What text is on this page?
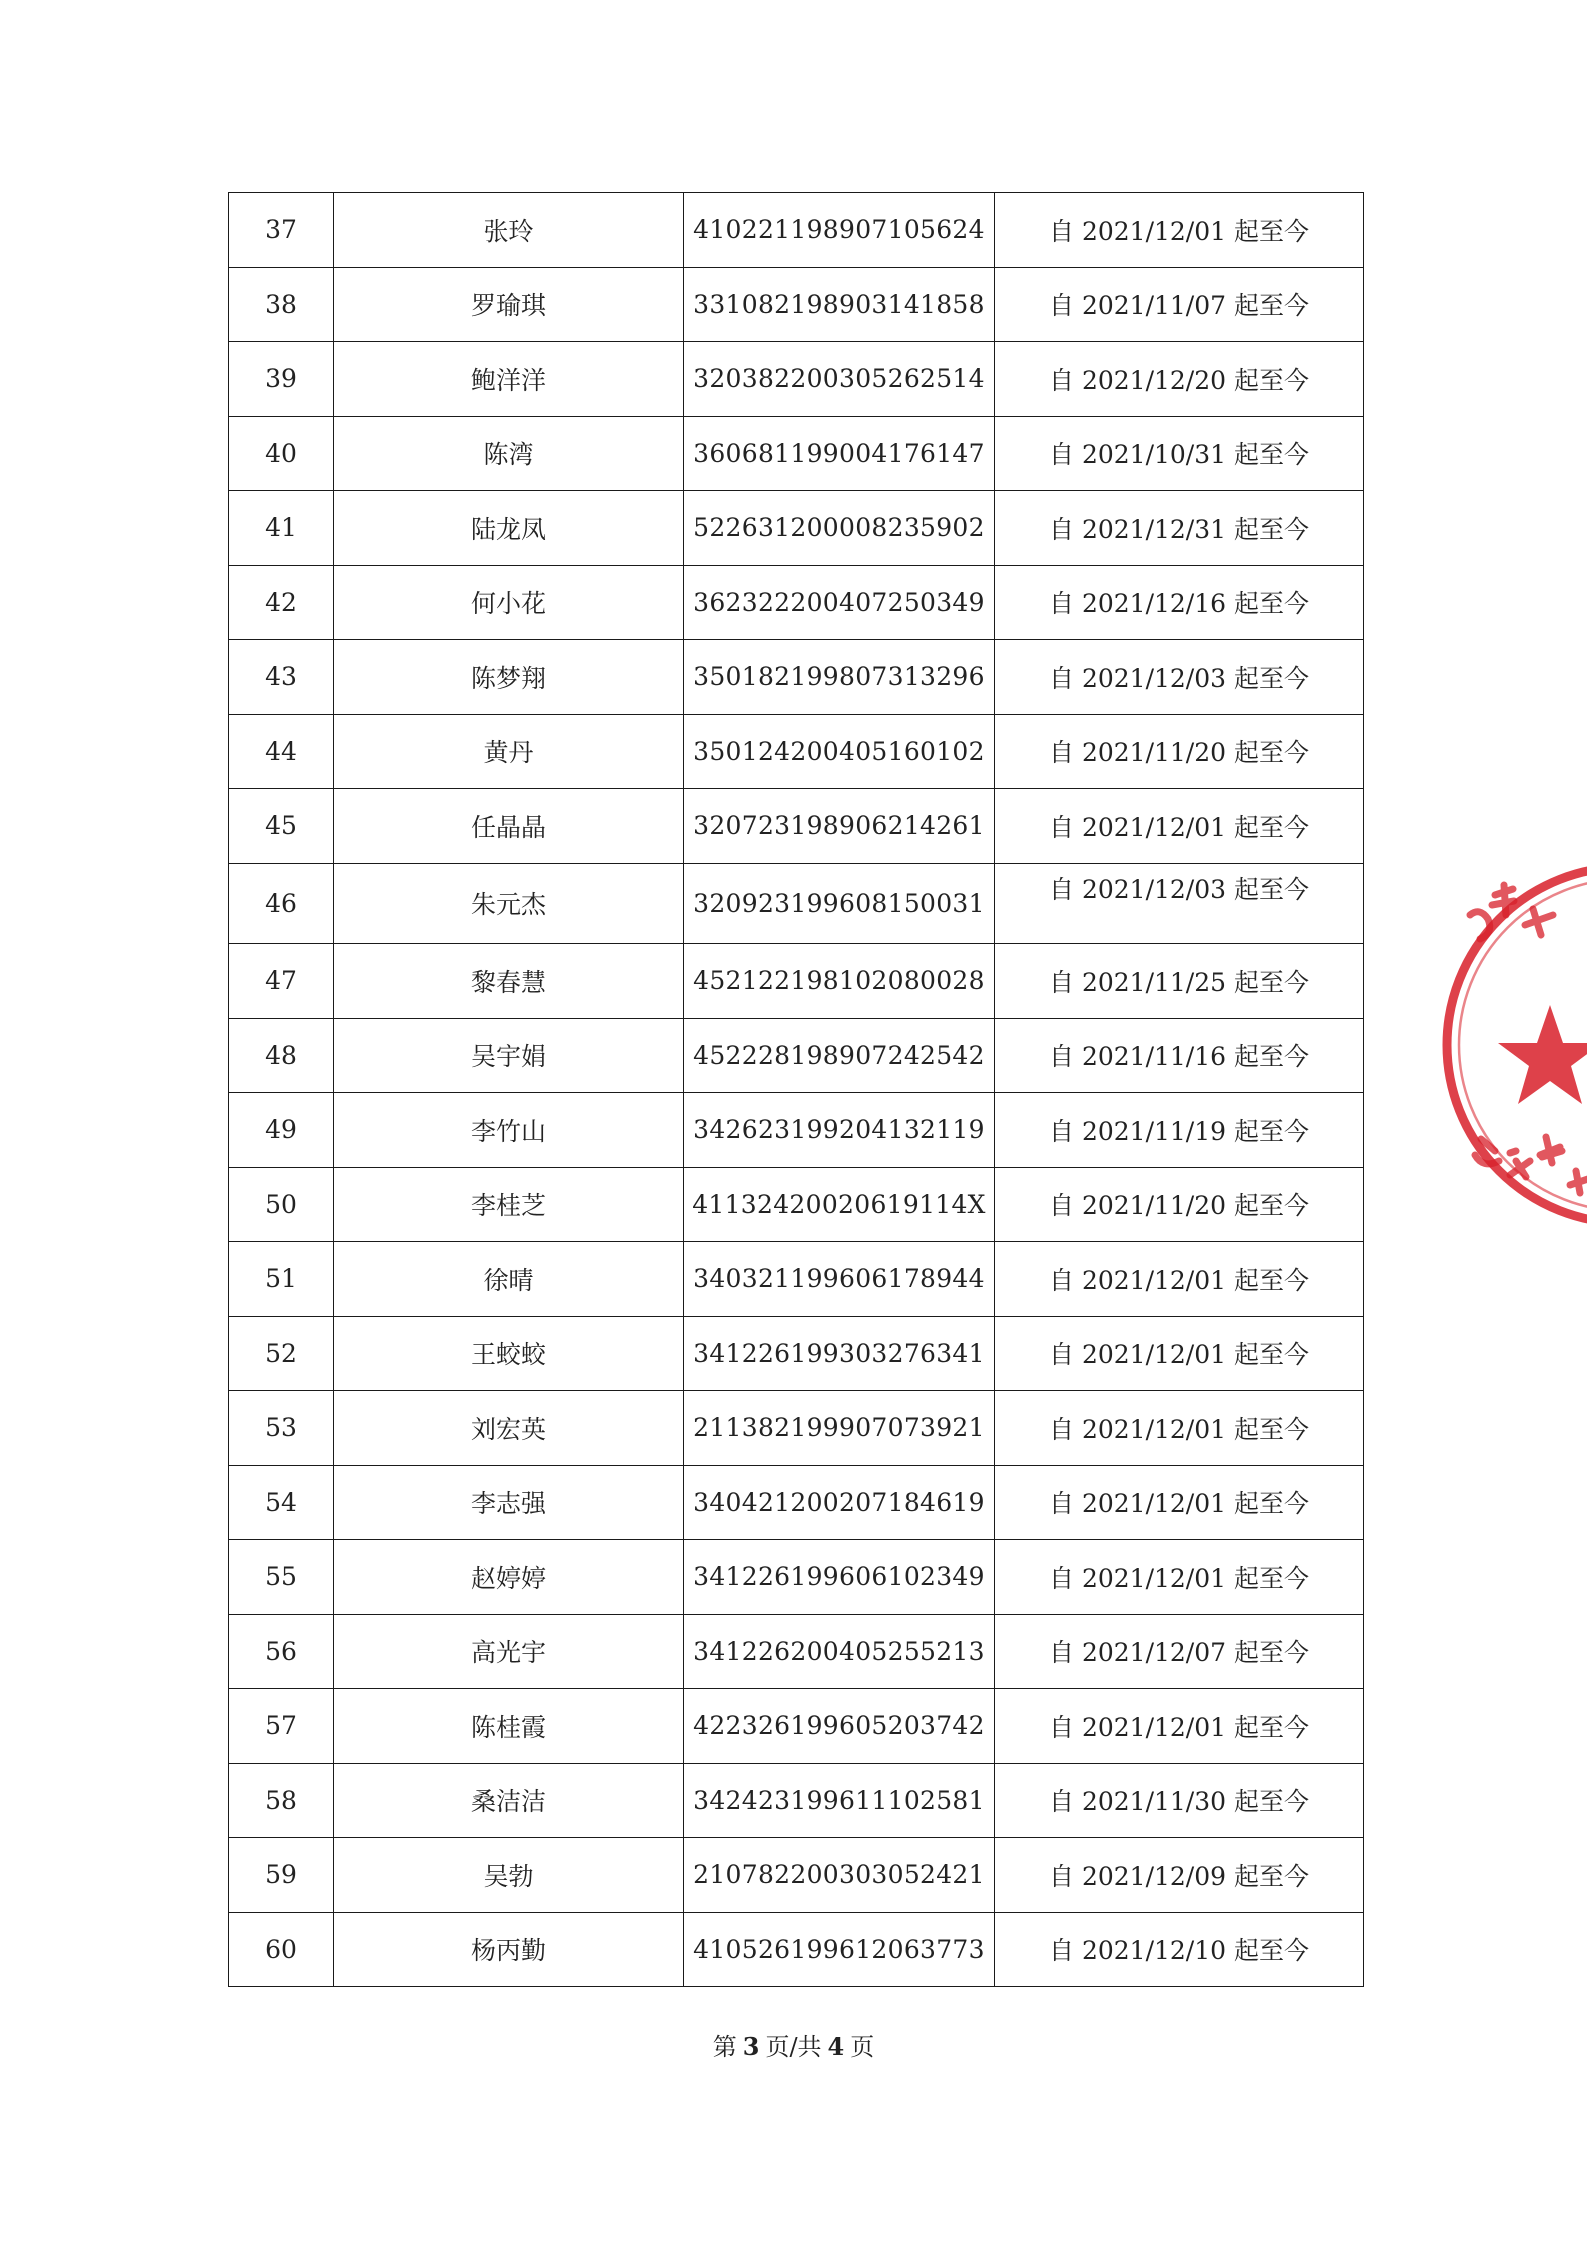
37	张玲	410221198907105624	自 2021/12/01 起至今
38	罗瑜琪	331082198903141858	自 2021/11/07 起至今
39	鲍洋洋	320382200305262514	自 2021/12/20 起至今
40	陈湾	360681199004176147	自 2021/10/31 起至今
41	陆龙凤	522631200008235902	自 2021/12/31 起至今
42	何小花	362322200407250349	自 2021/12/16 起至今
43	陈梦翔	350182199807313296	自 2021/12/03 起至今
44	黄丹	350124200405160102	自 2021/11/20 起至今
45	任晶晶	320723198906214261	自 2021/12/01 起至今
46	朱元杰	320923199608150031	自 2021/12/03 起至今
47	黎春慧	452122198102080028	自 2021/11/25 起至今
48	吴宇娟	452228198907242542	自 2021/11/16 起至今
49	李竹山	342623199204132119	自 2021/11/19 起至今
50	李桂芝	41132420020619114X	自 2021/11/20 起至今
51	徐晴	340321199606178944	自 2021/12/01 起至今
52	王蛟蛟	341226199303276341	自 2021/12/01 起至今
53	刘宏英	211382199907073921	自 2021/12/01 起至今
54	李志强	340421200207184619	自 2021/12/01 起至今
55	赵婷婷	341226199606102349	自 2021/12/01 起至今
56	高光宇	341226200405255213	自 2021/12/07 起至今
57	陈桂霞	422326199605203742	自 2021/12/01 起至今
58	桑洁洁	342423199611102581	自 2021/11/30 起至今
59	吴勃	210782200303052421	自 2021/12/09 起至今
60	杨丙勤	410526199612063773	自 2021/12/10 起至今
第 3 页/共 4 页
